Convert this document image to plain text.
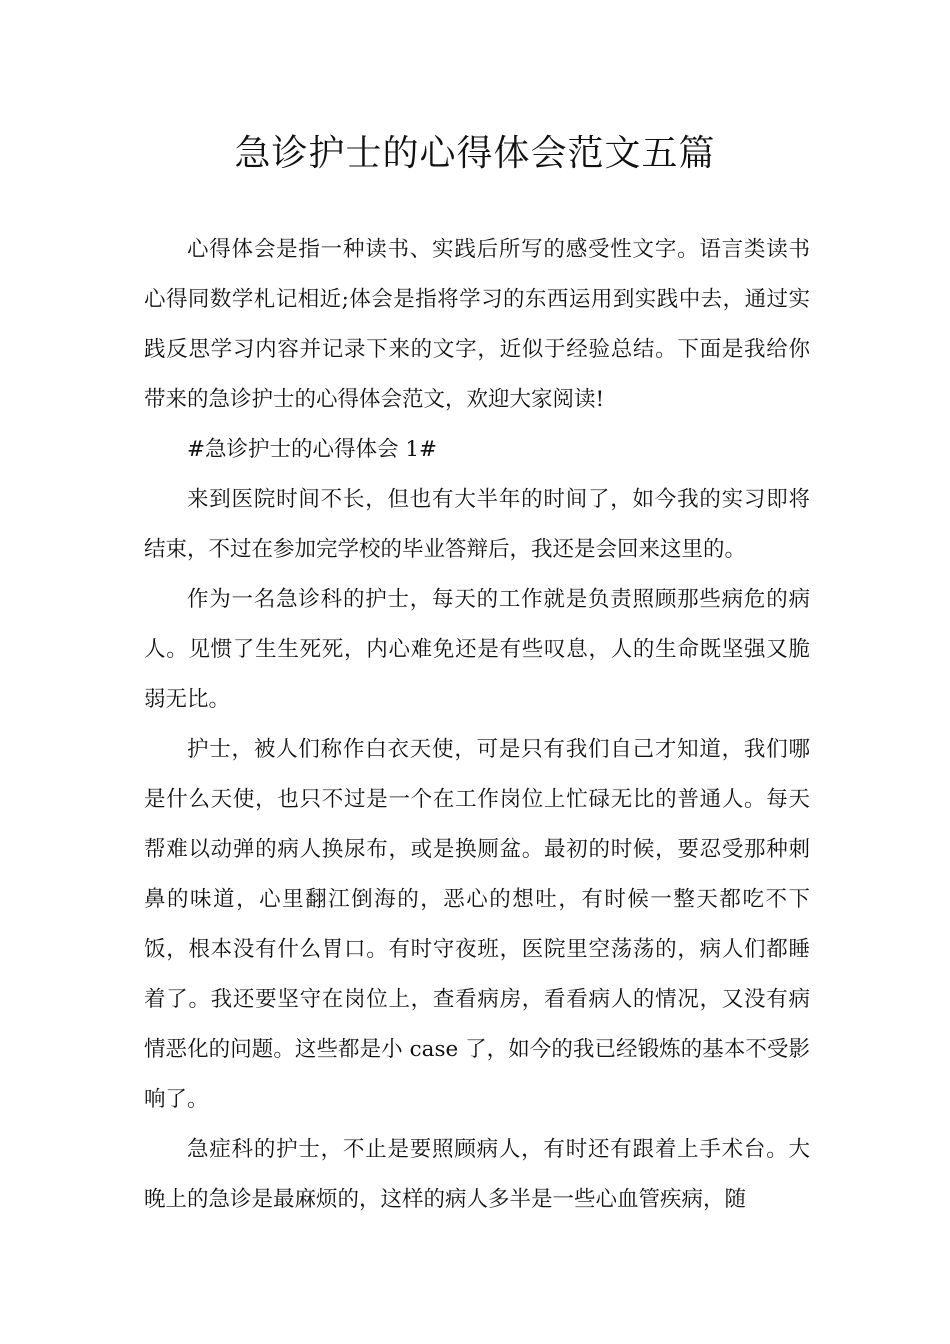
急诊护士的心得体会范文五篇

心得体会是指一种读书、实践后所写的感受性文字。语言类读书心得同数学札记相近;体会是指将学习的东西运用到实践中去，通过实践反思学习内容并记录下来的文字，近似于经验总结。下面是我给你带来的急诊护士的心得体会范文，欢迎大家阅读!

#急诊护士的心得体会 1#

来到医院时间不长，但也有大半年的时间了，如今我的实习即将结束，不过在参加完学校的毕业答辩后，我还是会回来这里的。

作为一名急诊科的护士，每天的工作就是负责照顾那些病危的病人。见惯了生生死死，内心难免还是有些叹息，人的生命既坚强又脆弱无比。

护士，被人们称作白衣天使，可是只有我们自己才知道，我们哪是什么天使，也只不过是一个在工作岗位上忙碌无比的普通人。每天帮难以动弹的病人换尿布，或是换厕盆。最初的时候，要忍受那种刺鼻的味道，心里翻江倒海的，恶心的想吐，有时候一整天都吃不下饭，根本没有什么胃口。有时守夜班，医院里空荡荡的，病人们都睡着了。我还要坚守在岗位上，查看病房，看看病人的情况，又没有病情恶化的问题。这些都是小 case 了，如今的我已经锻炼的基本不受影响了。

急症科的护士，不止是要照顾病人，有时还有跟着上手术台。大晚上的急诊是最麻烦的，这样的病人多半是一些心血管疾病，随
